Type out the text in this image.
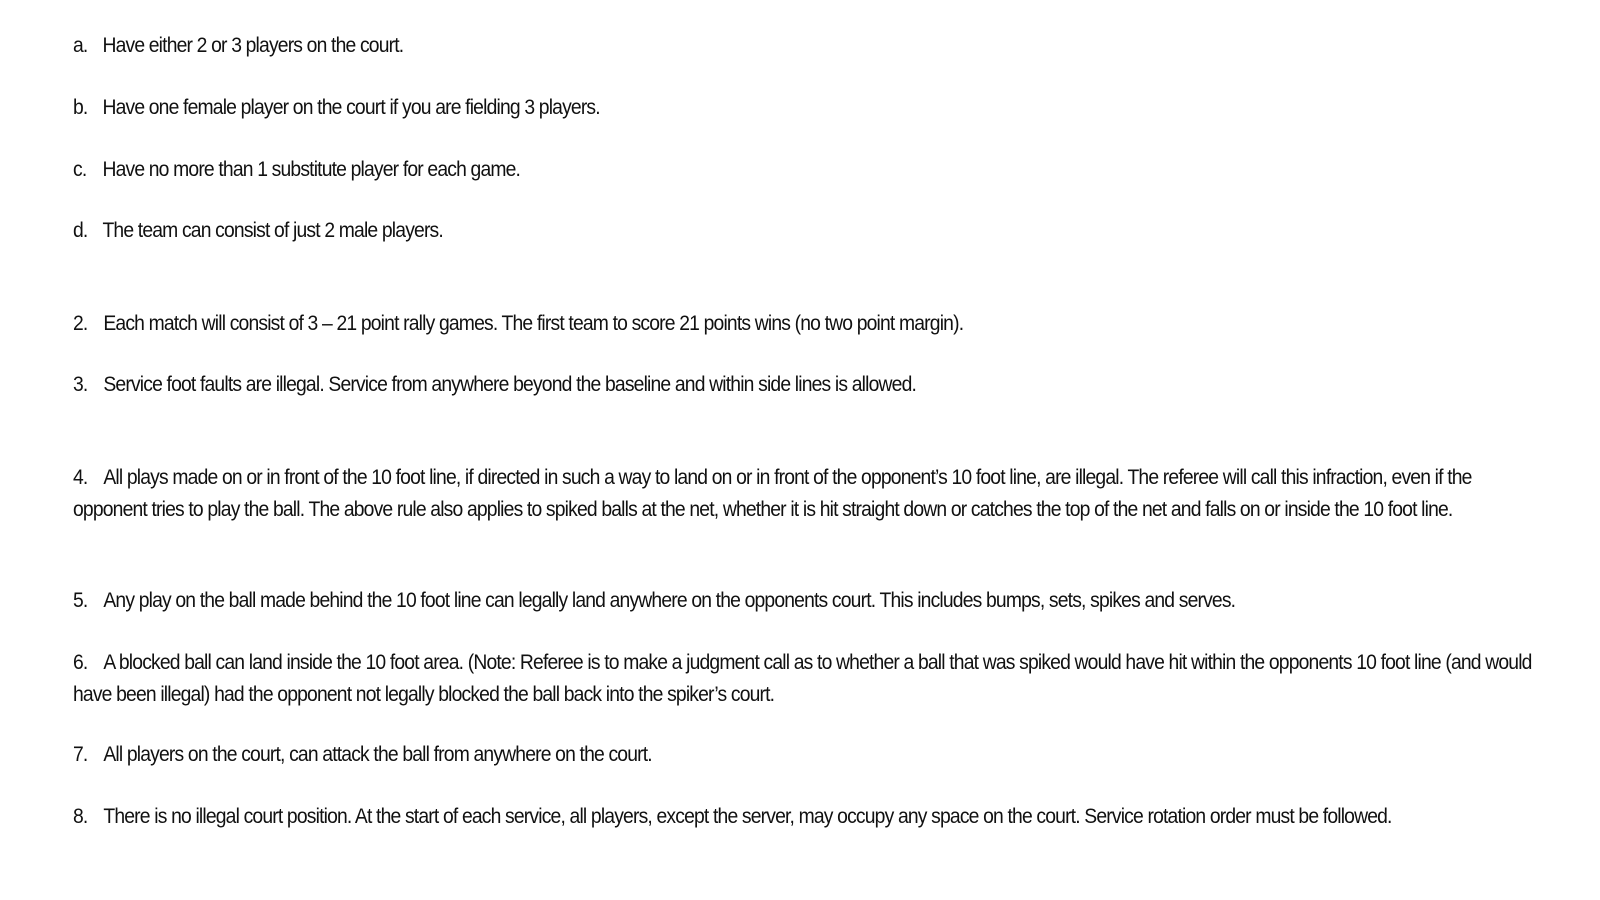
a. Have either 2 or 3 players on the court.
b. Have one female player on the court if you are fielding 3 players.
c. Have no more than 1 substitute player for each game.
d. The team can consist of just 2 male players.
2. Each match will consist of 3 – 21 point rally games. The first team to score 21 points wins (no two point margin).
3. Service foot faults are illegal. Service from anywhere beyond the baseline and within side lines is allowed.
4. All plays made on or in front of the 10 foot line, if directed in such a way to land on or in front of the opponent’s 10 foot line, are illegal. The referee will call this infraction, even if the opponent tries to play the ball. The above rule also applies to spiked balls at the net, whether it is hit straight down or catches the top of the net and falls on or inside the 10 foot line.
5. Any play on the ball made behind the 10 foot line can legally land anywhere on the opponents court. This includes bumps, sets, spikes and serves.
6. A blocked ball can land inside the 10 foot area. (Note: Referee is to make a judgment call as to whether a ball that was spiked would have hit within the opponents 10 foot line (and would have been illegal) had the opponent not legally blocked the ball back into the spiker’s court.
7. All players on the court, can attack the ball from anywhere on the court.
8. There is no illegal court position. At the start of each service, all players, except the server, may occupy any space on the court. Service rotation order must be followed.
